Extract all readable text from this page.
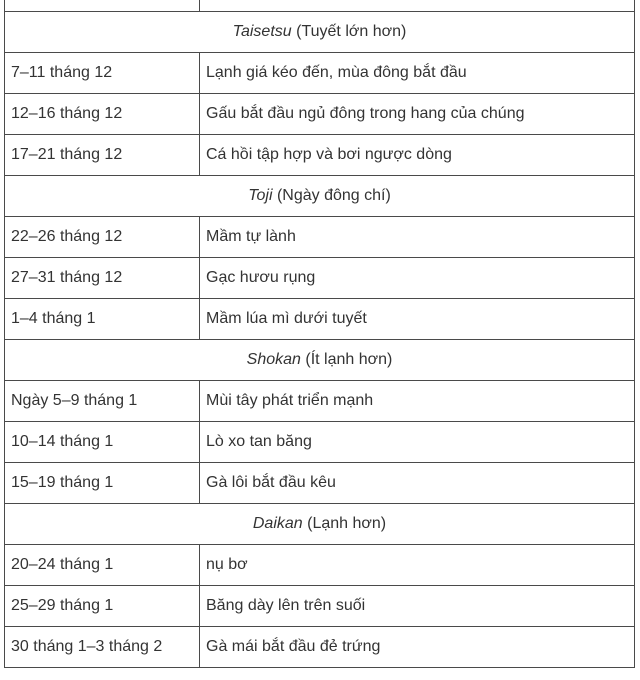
Taisetsu (Tuyết lớn hơn)	
7–11 tháng 12	Lạnh giá kéo đến, mùa đông bắt đầu
12–16 tháng 12	Gấu bắt đầu ngủ đông trong hang của chúng
17–21 tháng 12	Cá hồi tập hợp và bơi ngược dòng
Toji (Ngày đông chí)	
22–26 tháng 12	Mầm tự lành
27–31 tháng 12	Gạc hươu rụng
1–4 tháng 1	Mầm lúa mì dưới tuyết
Shokan (Ít lạnh hơn)	
Ngày 5–9 tháng 1	Mùi tây phát triển mạnh
10–14 tháng 1	Lò xo tan băng
15–19 tháng 1	Gà lôi bắt đầu kêu
Daikan (Lạnh hơn)	
20–24 tháng 1	nụ bơ
25–29 tháng 1	Băng dày lên trên suối
30 tháng 1–3 tháng 2	Gà mái bắt đầu đẻ trứng
